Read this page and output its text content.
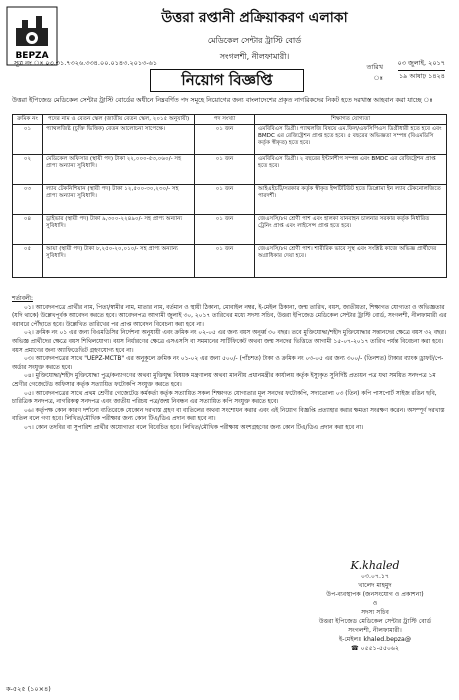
BEPZA
উত্তরা রপ্তানী প্রক্রিয়াকরণ এলাকা
মেডিকেল সেন্টার ট্রাস্টি বোর্ড
সংগলশী, নীলফামারী।
সূত্র নং ঃ ০৩.৩১.৭৩২৬.৩৩৪.০০.০১৪৩.২০১৩-৬১	তারিখ ঃ
০৩ জুলাই, ২০১৭
১৯ আষাঢ় ১৪২৪
নিয়োগ বিজ্ঞপ্তি
উত্তরা ইপিজেড মেডিকেল সেন্টার ট্রাস্টি বোর্ডের অধীনে নিম্নবর্ণিত পদ সমূহে নিয়োগের জন্য বাংলাদেশের প্রকৃত নাগরিকদের নিকট হতে দরখাস্ত আহবান করা যাচ্ছে ঃ
ক্রমিক নং	পদের নাম ও বেতন স্কেল (জাতীয় বেতন স্কেল, ২০১৫ অনুযায়ী)	পদ সংখ্যা	শিক্ষাগত যোগ্যতা
০১	প্যাথলজিষ্ট (চুক্তি ভিত্তিক) বেতন আলোচনা সাপেক্ষে।	০১ জন	এমবিবিএস ডিগ্রী। প্যাথলজি বিষয়ে এম.ফিল/এফসিপিএস ডিগ্রীধারী হতে হবে এবং BMDC এর রেজিষ্ট্রেশন প্রাপ্ত হতে হবে। ৫ বছরের অভিজ্ঞতা সম্পন্ন (বিএমডিসি কর্তৃক স্বীকৃত) হতে হবে।
০২	মেডিকেল অফিসার (স্থায়ী পদ) টাকা ২২,০০০-৫৩,০৬০/- সহ প্রাপ্য অন্যান্য সুবিধাদি।	০১ জন	এমবিবিএস ডিগ্রী। ২ বছরের ইন্টার্নশীপ সম্পন্ন এবং BMDC এর রেজিষ্ট্রেশন প্রাপ্ত হতে হবে।
০৩	ল্যাব টেকনিশিয়ান (স্থায়ী পদ) টাকা ১২,৫০০-৩০,২৩০/- সহ প্রাপ্য অন্যান্য সুবিধাদি।	০১ জন	আইএইচটি/সরকার কর্তৃক স্বীকৃত ইন্সটিটিউট হতে ডিপ্লোমা ইন ল্যাব টেকনোলজিতে পারদর্শী।
০৪	ড্রাইভার (স্থায়ী পদ) টাকা ৯,৩০০-২২৪৯০/- সহ প্রাপ্য অন্যান্য সুবিধাদি।	০১ জন	জেএসসি/৮ম শ্রেণী পাশ এবং হালকা যানবাহন চালনার সরকার কর্তৃক নির্ধারিত ট্রেনিং প্রাপ্ত এবং লাইসেন্স প্রাপ্ত হতে হবে।
০৫	আয়া (স্থায়ী পদ) টাকা ৮,২৫০-২০,০১০/- সহ প্রাপ্য অন্যান্য সুবিধাদি।	০১ জন	জেএসসি/৮ম শ্রেণী পাশ। শারীরিক ভাবে সুস্থ এবং সংশ্লিষ্ট কাজে অভিজ্ঞ প্রার্থীদের অগ্রাধিকার দেয়া হবে।
শর্তাবলী:

০১। আবেদনপত্রে প্রার্থীর নাম, পিতা/স্বামীর নাম, মাতার নাম, বর্তমান ও স্থায়ী ঠিকানা, মোবাইল নম্বর, ই-মেইল ঠিকানা, জন্ম তারিখ, বয়স, জাতীয়তা, শিক্ষাগত যোগ্যতা ও অভিজ্ঞতার (যদি থাকে) উল্লেখপূর্বক আবেদন করতে হবে। আবেদনপত্র আগামী জুলাই ৩০, ২০১৭ তারিখের মধ্যে সদস্য সচিব, উত্তরা ইপিজেড মেডিকেল সেন্টার ট্রাস্টি বোর্ড, সংগলশী, নীলফামারী এর বরাবরে পৌঁছাতে হবে। উল্লেখিত তারিখের পর প্রাপ্ত আবেদন বিবেচনা করা হবে না।

০২। ক্রমিক নং ০১ এর জন্য বিএমডিসির নির্দেশনা অনুযায়ী এবং ক্রমিক নং ০২-০৫ এর জন্য বয়স অনূর্ধ্ব ৩০ বছর। তবে মুক্তিযোদ্ধা/শহীদ মুক্তিযোদ্ধার সন্তানদের ক্ষেত্রে বয়স ৩২ বছর। অভিজ্ঞ প্রার্থীদের ক্ষেত্রে বয়স শিথিলযোগ্য। বয়স নির্ধারণের ক্ষেত্রে এসএসসি বা সমমানের সার্টিফিকেট অথবা জন্ম সনদের ভিত্তিতে আগামী ১৫-০৭-২০১৭ তারিখ পর্যন্ত বিবেচনা করা হবে। বয়স প্রমাণের জন্য অ্যাফিডেভিট গ্রহণযোগ্য হবে না।

০৩। আবেদনপত্রের সাথে "UEPZ-MCTB" এর অনুকূলে ক্রমিক নং ০১-০২ এর জন্য ৫০০/- (পাঁচশত) টাকা ও ক্রমিক নং ০৩-০৫ এর জন্য ৩০০/- (তিনশত) টাকার ব্যাংক ড্রাফট/পে-অর্ডার সংযুক্ত করতে হবে।

০৪। মুক্তিযোদ্ধা/শহীদ মুক্তিযোদ্ধা পুত্র/কন্যাগণের অথবা মুক্তিযুদ্ধ বিষয়ক মন্ত্রণালয় অথবা মাননীয় প্রধানমন্ত্রীর কার্যালয় কর্তৃক ইস্যুকৃত সুনির্দিষ্ট প্রত্যয়ন পত্র যথা সময়িত সনদপত্র ১ম শ্রেণীর গেজেটেড অফিসার কর্তৃক সত্যায়িত ফটোকপি সংযুক্ত করতে হবে।

০৫। আবেদনপত্রের সাথে প্রথম শ্রেণীর গেজেটেড কর্মকর্তা কর্তৃক সত্যায়িত সকল শিক্ষাগত যোগ্যতার মূল সনদের ফটোকপি, সদ্যতোলা ০৩ (তিন) কপি পাসপোর্ট সাইজ রঙিন ছবি, চারিত্রিক সনদপত্র, নাগরিকত্ব সনদপত্র এবং জাতীয় পরিচয় পত্র/জন্ম নিবন্ধন এর সত্যায়িত কপি সংযুক্ত করতে হবে।

০৬। কর্তৃপক্ষ কোন কারণ দর্শানো ব্যতিরেকে যেকোন দরখাস্ত গ্রহণ বা বাতিলের অথবা সংশোধন করার এবং এই নিয়োগ বিজ্ঞপ্তি প্রত্যাহার করার ক্ষমতা সংরক্ষণ করেন। অসম্পূর্ণ দরখাস্ত বাতিল বলে গণ্য হবে। লিখিত/মৌখিক পরীক্ষার জন্য কোন টিএ/ডিএ প্রদান করা হবে না।

০৭। কোন তদবির বা সুপারিশ প্রার্থীর অযোগ্যতা বলে বিবেচিত হবে। লিখিত/মৌখিক পরীক্ষায় অংশগ্রহণের জন্য কোন টিএ/ডিএ প্রদান করা হবে না।

K.khaled
০৩.০৭.১৭
খালেদ মাহমুদ
উপ-ব্যবস্থাপক (জনসংযোগ ও প্রকাশনা)
ও
সদস্য সচিব
উত্তরা ইপিজেড মেডিকেল সেন্টার ট্রাস্টি বোর্ড
সংগলশী, নীলফামারী।
ই-মেইলঃ khaled.bepza@
☎ ০৫৫১-৫৫০৬২
ক-৫২৫ (১০×৪)
